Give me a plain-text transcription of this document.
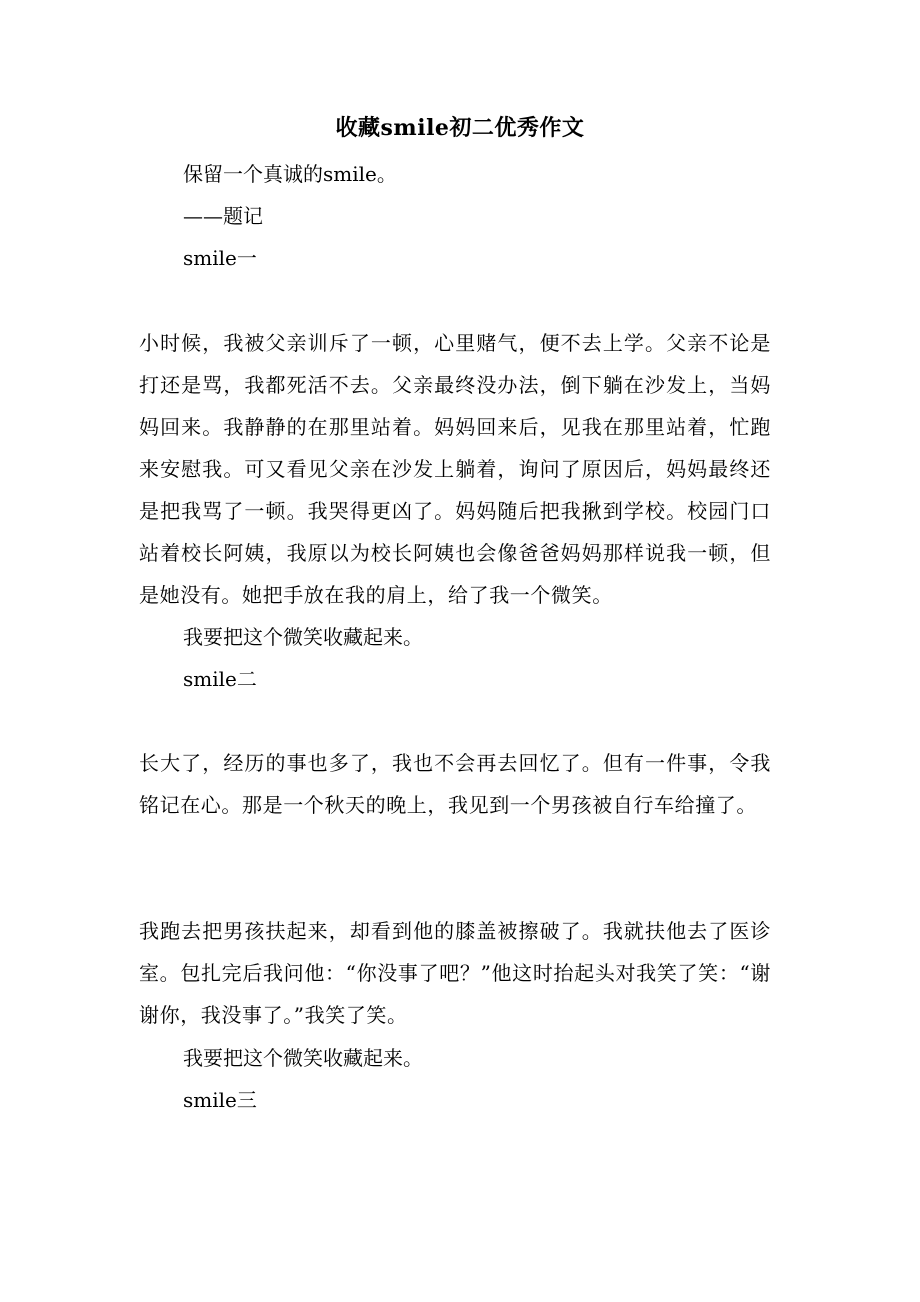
收藏smile初二优秀作文
保留一个真诚的smile。
——题记
smile一
小时候，我被父亲训斥了一顿，心里赌气，便不去上学。父亲不论是打还是骂，我都死活不去。父亲最终没办法，倒下躺在沙发上，当妈妈回来。我静静的在那里站着。妈妈回来后，见我在那里站着，忙跑来安慰我。可又看见父亲在沙发上躺着，询问了原因后，妈妈最终还是把我骂了一顿。我哭得更凶了。妈妈随后把我揪到学校。校园门口站着校长阿姨，我原以为校长阿姨也会像爸爸妈妈那样说我一顿，但是她没有。她把手放在我的肩上，给了我一个微笑。
我要把这个微笑收藏起来。
smile二
长大了，经历的事也多了，我也不会再去回忆了。但有一件事，令我铭记在心。那是一个秋天的晚上，我见到一个男孩被自行车给撞了。
我跑去把男孩扶起来，却看到他的膝盖被擦破了。我就扶他去了医诊室。包扎完后我问他：“你没事了吧？”他这时抬起头对我笑了笑：“谢谢你，我没事了。”我笑了笑。
我要把这个微笑收藏起来。
smile三
